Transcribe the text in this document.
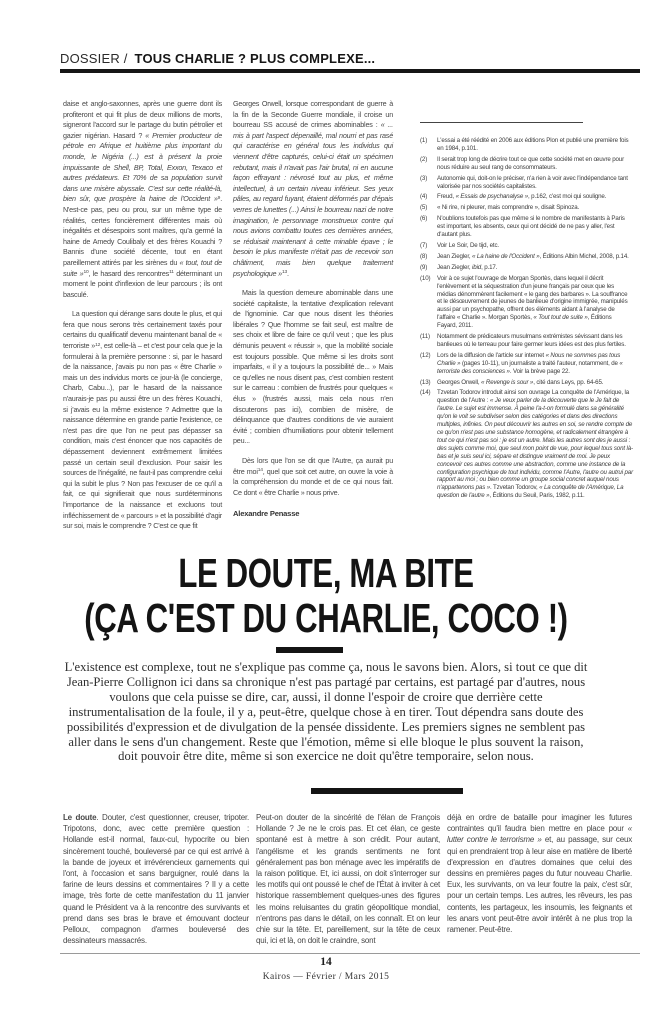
DOSSIER / TOUS CHARLIE ? PLUS COMPLEXE...

daise et anglo-saxonnes, après une guerre dont ils profiteront et qui fit plus de deux millions de morts, signeront l'accord sur le partage du butin pétrolier et gazier nigérian. Hasard ? « Premier producteur de pétrole en Afrique et huitième plus important du monde, le Nigéria (...) est à présent la proie impuissante de Shell, BP, Total, Exxon, Texaco et autres prédateurs. Et 70% de sa population survit dans une misère abyssale. C'est sur cette réalité-là, bien sûr, que prospère la haine de l'Occident »$^9$. N'est-ce pas, peu ou prou, sur un même type de réalités, certes foncièrement différentes mais où inégalités et désespoirs sont maîtres, qu'a germé la haine de Amedy Coulibaly et des frères Kouachi ? Bannis d'une société décente, tout en étant pareillement attirés par les sirènes du « tout, tout de suite »$^{10}$, le hasard des rencontres$^{11}$ déterminant un moment le point d'inflexion de leur parcours ; ils ont basculé.

La question qui dérange sans doute le plus, et qui fera que nous serons très certainement taxés pour certains du qualificatif devenu maintenant banal de « terroriste »$^{12}$, est celle-là – et c'est pour cela que je la formulerai à la première personne : si, par le hasard de la naissance, j'avais pu non pas « être Charlie » mais un des individus morts ce jour-là (le concierge, Charb, Cabu...), par le hasard de la naissance n'aurais-je pas pu aussi être un des frères Kouachi, si j'avais eu la même existence ? Admettre que la naissance détermine en grande partie l'existence, ce n'est pas dire que l'on ne peut pas dépasser sa condition, mais c'est énoncer que nos capacités de dépassement deviennent extrêmement limitées passé un certain seuil d'exclusion. Pour saisir les sources de l'inégalité, ne faut-il pas comprendre celui qui la subit le plus ? Non pas l'excuser de ce qu'il a fait, ce qui signifierait que nous surdéterminons l'importance de la naissance et excluons tout infléchissement de « parcours » et la possibilité d'agir sur soi, mais le comprendre ? C'est ce que fit

Georges Orwell, lorsque correspondant de guerre à la fin de la Seconde Guerre mondiale, il croise un bourreau SS accusé de crimes abominables : « ... mis à part l'aspect dépenaillé, mal nourri et pas rasé qui caractérise en général tous les individus qui viennent d'être capturés, celui-ci était un spécimen rebutant, mais il n'avait pas l'air brutal, ni en aucune façon effrayant : névrosé tout au plus, et même intellectuel, à un certain niveau inférieur. Ses yeux pâles, au regard fuyant, étaient déformés par d'épais verres de lunettes (...) Ainsi le bourreau nazi de notre imagination, le personnage monstrueux contre qui nous avions combattu toutes ces dernières années, se réduisait maintenant à cette minable épave ; le besoin le plus manifeste n'était pas de recevoir son châtiment, mais bien quelque traitement psychologique »$^{13}$.

Mais la question demeure abominable dans une société capitaliste, la tentative d'explication relevant de l'ignominie. Car que nous disent les théories libérales ? Que l'homme se fait seul, est maître de ses choix et libre de faire ce qu'il veut ; que les plus démunis peuvent « réussir », que la mobilité sociale est toujours possible. Que même si les droits sont imparfaits, « il y a toujours la possibilité de... » Mais ce qu'elles ne nous disent pas, c'est combien restent sur le carreau : combien de frustrés pour quelques « élus » (frustrés aussi, mais cela nous n'en discuterons pas ici), combien de misère, de délinquance que d'autres conditions de vie auraient évité ; combien d'humiliations pour obtenir tellement peu...

Dès lors que l'on se dit que l'Autre, ça aurait pu être moi$^{14}$, quel que soit cet autre, on ouvre la voie à la compréhension du monde et de ce qui nous fait. Ce dont « être Charlie » nous prive.

Alexandre Penasse

(1)	L'essai a été réédité en 2006 aux éditions Plon et publié une première fois en 1984, p.101.
(2)	Il serait trop long de décrire tout ce que cette société met en œuvre pour nous réduire au seul rang de consommateurs.
(3)	Autonomie qui, doit-on le préciser, n'a rien à voir avec l'indépendance tant valorisée par nos sociétés capitalistes.
(4)	Freud, « Essais de psychanalyse », p.162, c'est moi qui souligne.
(5)	« Ni rire, ni pleurer, mais comprendre », disait Spinoza.
(6)	N'oublions toutefois pas que même si le nombre de manifestants à Paris est important, les absents, ceux qui ont décidé de ne pas y aller, l'est d'autant plus.
(7)	Voir Le Soir, De tijd, etc.
(8)	Jean Ziegler, « La haine de l'Occident », Éditions Albin Michel, 2008, p.14.
(9)	Jean Ziegler, ibid, p.17.
(10) Voir à ce sujet l'ouvrage de Morgan Sportès, dans lequel il décrit l'enlèvement et la séquestration d'un jeune français par ceux que les médias dénommèrent facilement « le gang des barbares ». La souffrance et le désœuvrement de jeunes de banlieue d'origine immigrée, manipulés aussi par un psychopathe, offrent des éléments aidant à l'analyse de l'affaire « Charlie ». Morgan Sportès, « Tout tout de suite », Éditions Fayard, 2011.
(11)	Notamment de prédicateurs musulmans extrémistes sévissant dans les banlieues où le terreau pour faire germer leurs idées est des plus fertiles.
(12) Lors de la diffusion de l'article sur internet « Nous ne sommes pas tous Charlie » (pages 10-11), un journaliste a traité l'auteur, notamment, de « terroriste des consciences ». Voir la brève page 22.
(13) Georges Orwell, « Revenge is sour », cité dans Leys, pp. 64-65.
(14) Tzvetan Todorov introduit ainsi son ouvrage La conquête de l'Amérique, la question de l'Autre : « Je veux parler de la découverte que le Je fait de l'autre. Le sujet est immense. À peine l'a-t-on formulé dans sa généralité qu'on le voit se subdiviser selon des catégories et dans des directions multiples, infinies. On peut découvrir les autres en soi, se rendre compte de ce qu'on n'est pas une substance homogène, et radicalement étrangère à tout ce qui n'est pas soi : je est un autre. Mais les autres sont des je aussi : des sujets comme moi, que seul mon point de vue, pour lequel tous sont là-bas et je suis seul ici, sépare et distingue vraiment de moi. Je peux concevoir ces autres comme une abstraction, comme une instance de la configuration psychique de tout individu, comme l'Autre, l'autre ou autrui par rapport au moi ; ou bien comme un groupe social concret auquel nous n'appartenons pas ». Tzvetan Todorov, « La conquête de l'Amérique, La question de l'autre », Éditions du Seuil, Paris, 1982, p.11.
LE DOUTE, MA BITE
(ÇA C'EST DU CHARLIE, COCO !)

L'existence est complexe, tout ne s'explique pas comme ça, nous le savons bien. Alors, si tout ce que dit Jean-Pierre Collignon ici dans sa chronique n'est pas partagé par certains, est partagé par d'autres, nous voulons que cela puisse se dire, car, aussi, il donne l'espoir de croire que derrière cette instrumentalisation de la foule, il y a, peut-être, quelque chose à en tirer. Tout dépendra sans doute des possibilités d'expression et de divulgation de la pensée dissidente. Les premiers signes ne semblent pas aller dans le sens d'un changement. Reste que l'émotion, même si elle bloque le plus souvent la raison, doit pouvoir être dite, même si son exercice ne doit qu'être temporaire, selon nous.

Le doute. Douter, c'est questionner, creuser, tripoter. Tripotons, donc, avec cette première question : Hollande est-il normal, faux-cul, hypocrite ou bien sincèrement touché, bouleversé par ce qui est arrivé à la bande de joyeux et irrévérencieux garnements qui l'ont, à l'occasion et sans barguigner, roulé dans la farine de leurs dessins et commentaires ? Il y a cette image, très forte de cette manifestation du 11 janvier quand le Président va à la rencontre des survivants et prend dans ses bras le brave et émouvant docteur Pelloux, compagnon d'armes bouleversé des dessinateurs massacrés.

Peut-on douter de la sincérité de l'élan de François Hollande ? Je ne le crois pas. Et cet élan, ce geste spontané est à mettre à son crédit. Pour autant, l'angélisme et les grands sentiments ne font généralement pas bon ménage avec les impératifs de la raison politique. Et, ici aussi, on doit s'interroger sur les motifs qui ont poussé le chef de l'État à inviter à cet historique rassemblement quelques-unes des figures les moins reluisantes du gratin géopolitique mondial, n'entrons pas dans le détail, on les connaît. Et on leur chie sur la tête. Et, pareillement, sur la tête de ceux qui, ici et là, on doit le craindre, sont

déjà en ordre de bataille pour imaginer les futures contraintes qu'il faudra bien mettre en place pour « lutter contre le terrorisme » et, au passage, sur ceux qui en prendraient trop à leur aise en matière de liberté d'expression en d'autres domaines que celui des dessins en premières pages du futur nouveau Charlie. Eux, les survivants, on va leur foutre la paix, c'est sûr, pour un certain temps. Les autres, les rêveurs, les pas contents, les partageux, les insoumis, les feignants et les anars vont peut-être avoir intérêt à ne plus trop la ramener. Peut-être.

14
Kairos — Février / Mars 2015
